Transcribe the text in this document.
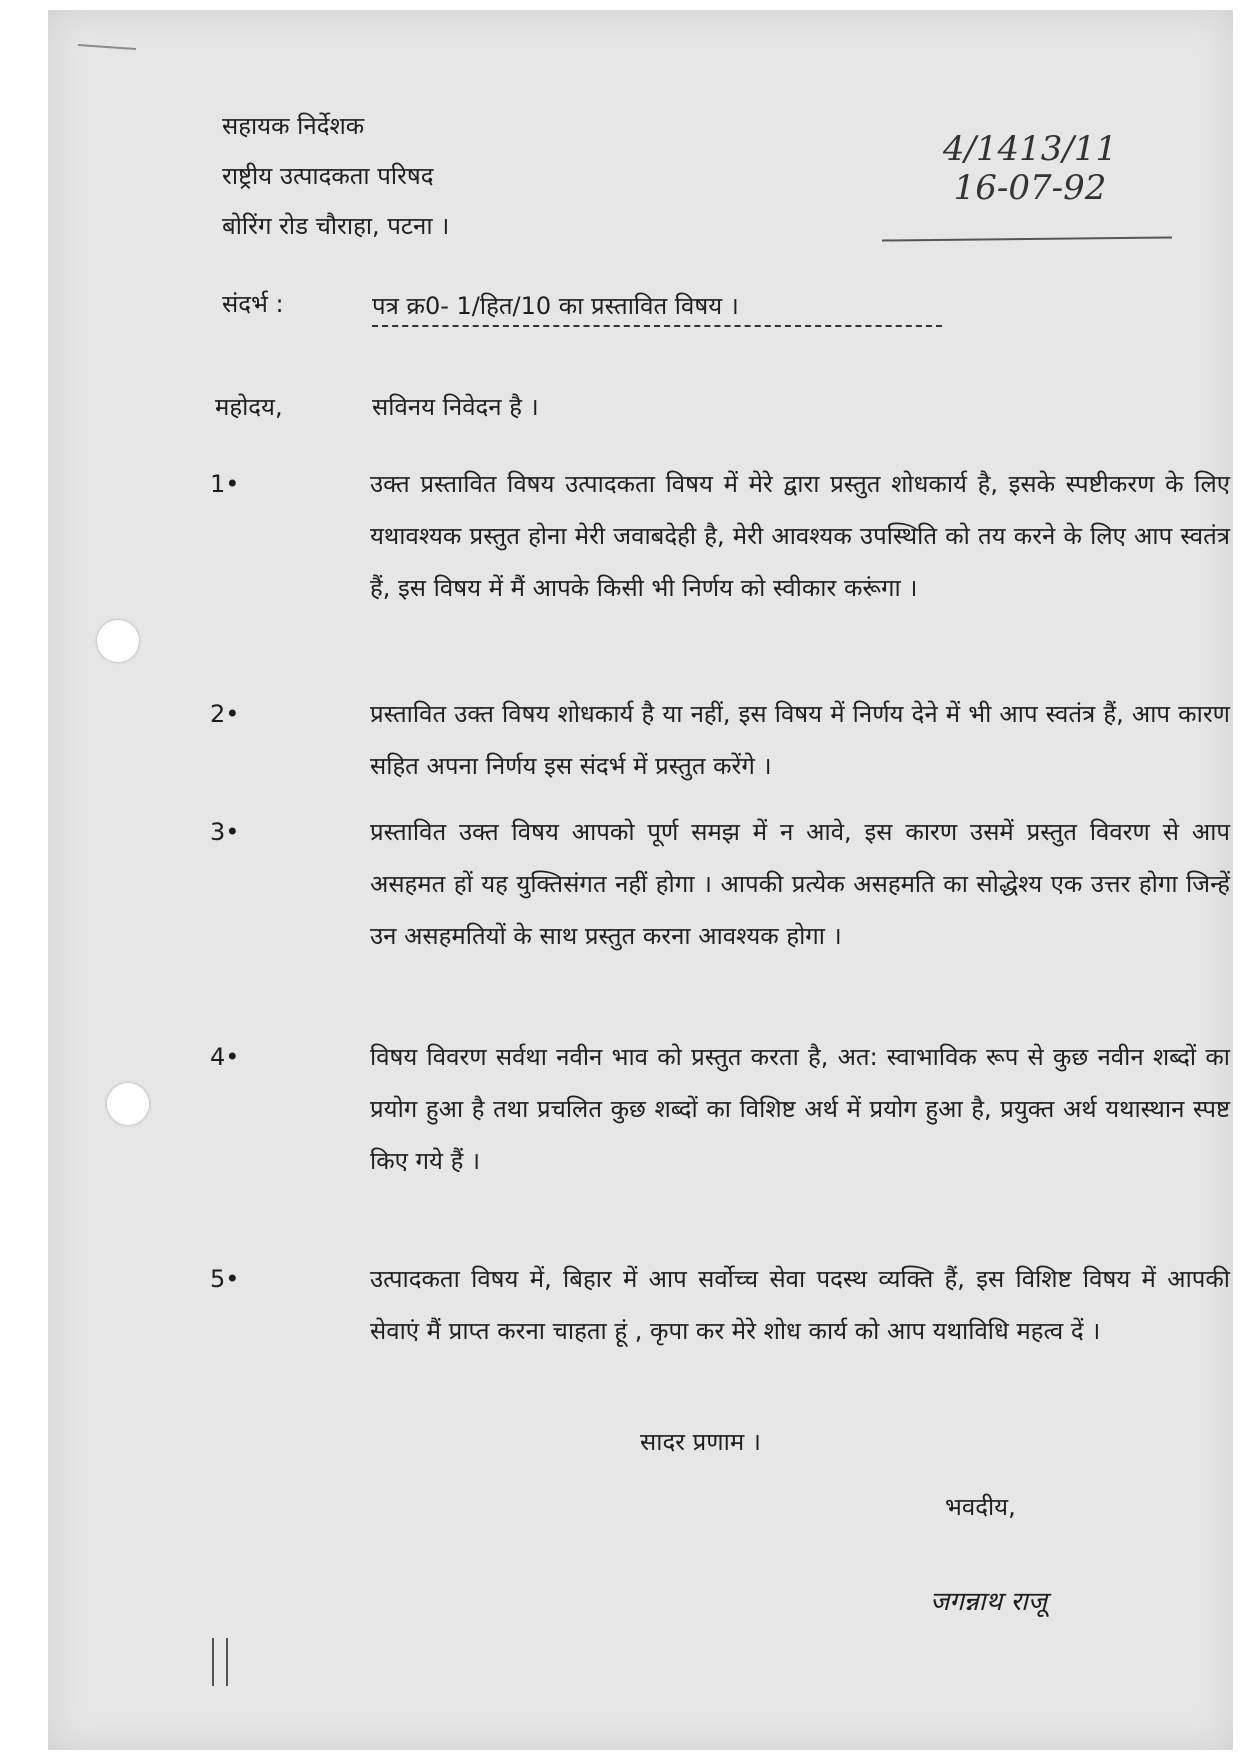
सहायक निर्देशक
राष्ट्रीय उत्पादकता परिषद
बोरिंग रोड चौराहा, पटना ।
4/1413/11
16-07-92
संदर्भ :	पत्र क्र0- 1/हित/10 का प्रस्तावित विषय ।
महोदय,	सविनय निवेदन है ।
1•	उक्त प्रस्तावित विषय उत्पादकता विषय में मेरे द्वारा प्रस्तुत शोधकार्य है, इसके स्पष्टीकरण के लिए यथावश्यक प्रस्तुत होना मेरी जवाबदेही है, मेरी आवश्यक उपस्थिति को तय करने के लिए आप स्वतंत्र हैं, इस विषय में मैं आपके किसी भी निर्णय को स्वीकार करूंगा ।
2•	प्रस्तावित उक्त विषय शोधकार्य है या नहीं, इस विषय में निर्णय देने में भी आप स्वतंत्र हैं, आप कारण सहित अपना निर्णय इस संदर्भ में प्रस्तुत करेंगे ।
3•	प्रस्तावित उक्त विषय आपको पूर्ण समझ में न आवे, इस कारण उसमें प्रस्तुत विवरण से आप असहमत हों यह युक्तिसंगत नहीं होगा । आपकी प्रत्येक असहमति का सोद्धेश्य एक उत्तर होगा जिन्हें उन असहमतियों के साथ प्रस्तुत करना आवश्यक होगा ।
4•	विषय विवरण सर्वथा नवीन भाव को प्रस्तुत करता है, अत: स्वाभाविक रूप से कुछ नवीन शब्दों का प्रयोग हुआ है तथा प्रचलित कुछ शब्दों का विशिष्ट अर्थ में प्रयोग हुआ है, प्रयुक्त अर्थ यथास्थान स्पष्ट किए गये हैं ।
5•	उत्पादकता विषय में, बिहार में आप सर्वोच्च सेवा पदस्थ व्यक्ति हैं, इस विशिष्ट विषय में आपकी सेवाएं मैं प्राप्त करना चाहता हूं , कृपा कर मेरे शोध कार्य को आप यथाविधि महत्व दें ।
सादर प्रणाम ।
भवदीय,
जगन्नाथ राजू
